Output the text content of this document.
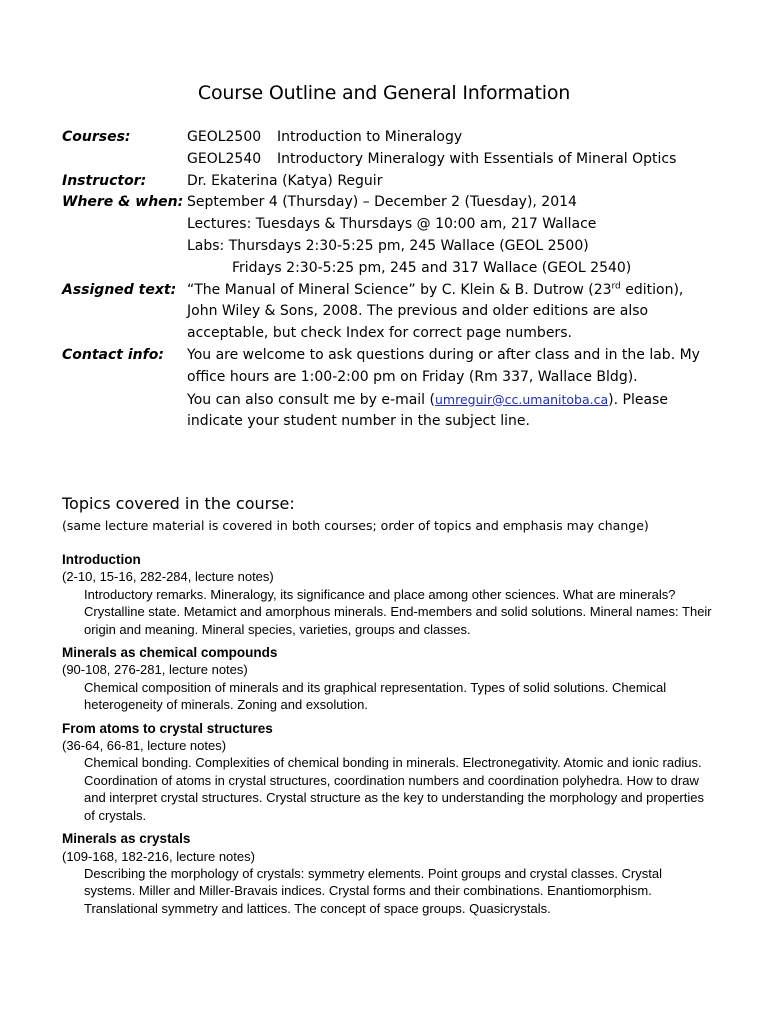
Course Outline and General Information
Courses:	GEOL2500 Introduction to Mineralogy
GEOL2540 Introductory Mineralogy with Essentials of Mineral Optics
Instructor:	Dr. Ekaterina (Katya) Reguir
Where & when: September 4 (Thursday) – December 2 (Tuesday), 2014
Lectures: Tuesdays & Thursdays @ 10:00 am, 217 Wallace
Labs: Thursdays 2:30-5:25 pm, 245 Wallace (GEOL 2500)
Fridays 2:30-5:25 pm, 245 and 317 Wallace (GEOL 2540)
Assigned text: “The Manual of Mineral Science” by C. Klein & B. Dutrow (23rd edition),
John Wiley & Sons, 2008. The previous and older editions are also
acceptable, but check Index for correct page numbers.
Contact info:	You are welcome to ask questions during or after class and in the lab. My
office hours are 1:00-2:00 pm on Friday (Rm 337, Wallace Bldg).
You can also consult me by e-mail (umreguir@cc.umanitoba.ca). Please
indicate your student number in the subject line.
Topics covered in the course:
(same lecture material is covered in both courses; order of topics and emphasis may change)
Introduction
(2-10, 15-16, 282-284, lecture notes)
Introductory remarks. Mineralogy, its significance and place among other sciences. What are minerals? Crystalline state. Metamict and amorphous minerals. End-members and solid solutions. Mineral names: Their origin and meaning. Mineral species, varieties, groups and classes.
Minerals as chemical compounds
(90-108, 276-281, lecture notes)
Chemical composition of minerals and its graphical representation. Types of solid solutions. Chemical heterogeneity of minerals. Zoning and exsolution.
From atoms to crystal structures
(36-64, 66-81, lecture notes)
Chemical bonding. Complexities of chemical bonding in minerals. Electronegativity. Atomic and ionic radius. Coordination of atoms in crystal structures, coordination numbers and coordination polyhedra. How to draw and interpret crystal structures. Crystal structure as the key to understanding the morphology and properties of crystals.
Minerals as crystals
(109-168, 182-216, lecture notes)
Describing the morphology of crystals: symmetry elements. Point groups and crystal classes. Crystal systems. Miller and Miller-Bravais indices. Crystal forms and their combinations. Enantiomorphism. Translational symmetry and lattices. The concept of space groups. Quasicrystals.
